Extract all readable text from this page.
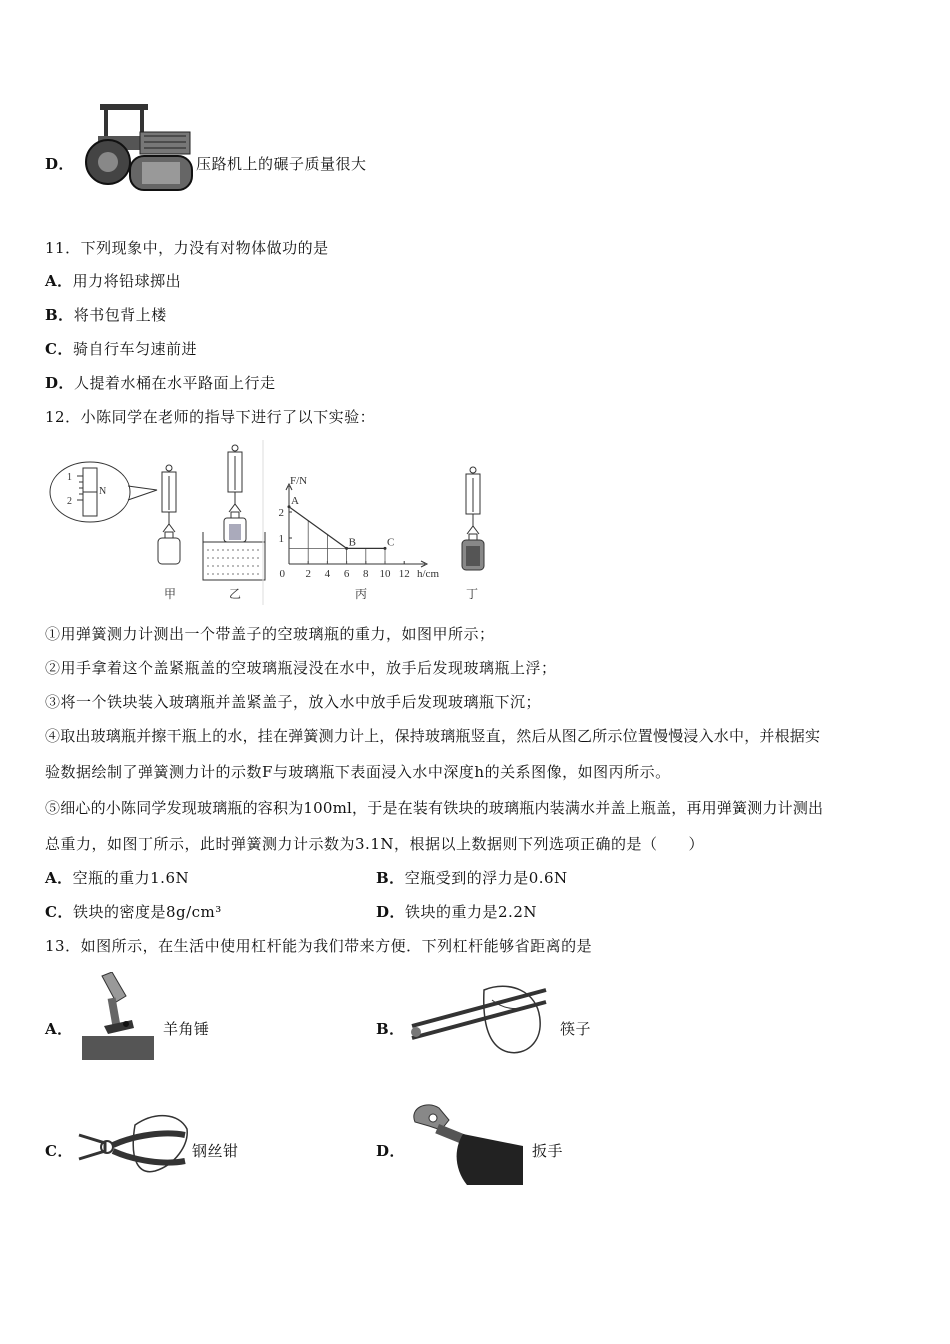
D．	压路机上的碾子质量很大
11．下列现象中，力没有对物体做功的是
A．用力将铅球掷出
B．将书包背上楼
C．骑自行车匀速前进
D．人提着水桶在水平路面上行走
12．小陈同学在老师的指导下进行了以下实验：
1
2
N
F/N
h/cm
0 2 4 6 8 10 12
1
2
A
B	C
甲	乙	丙	丁
①用弹簧测力计测出一个带盖子的空玻璃瓶的重力，如图甲所示；
②用手拿着这个盖紧瓶盖的空玻璃瓶浸没在水中，放手后发现玻璃瓶上浮；
③将一个铁块装入玻璃瓶并盖紧盖子，放入水中放手后发现玻璃瓶下沉；
④取出玻璃瓶并擦干瓶上的水，挂在弹簧测力计上，保持玻璃瓶竖直，然后从图乙所示位置慢慢浸入水中，并根据实
验数据绘制了弹簧测力计的示数F与玻璃瓶下表面浸入水中深度h的关系图像，如图丙所示。
⑤细心的小陈同学发现玻璃瓶的容积为100ml，于是在装有铁块的玻璃瓶内装满水并盖上瓶盖，再用弹簧测力计测出
总重力，如图丁所示，此时弹簧测力计示数为3.1N，根据以上数据则下列选项正确的是（　　）
A．空瓶的重力1.6N	B．空瓶受到的浮力是0.6N
C．铁块的密度是8g/cm³	D．铁块的重力是2.2N
13．如图所示，在生活中使用杠杆能为我们带来方便．下列杠杆能够省距离的是
A．	羊角锤	B．	筷子
C．	钢丝钳	D．	扳手
